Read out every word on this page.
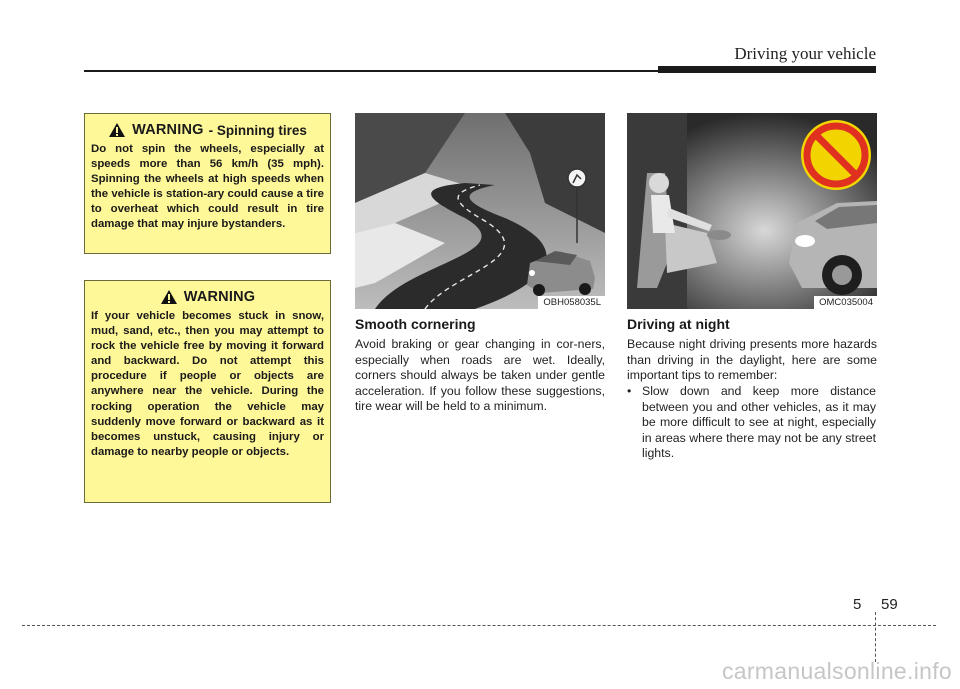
Driving your vehicle
WARNING - Spinning tires

Do not spin the wheels, especially at speeds more than 56 km/h (35 mph). Spinning the wheels at high speeds when the vehicle is station-ary could cause a tire to overheat which could result in tire damage that may injure bystanders.

WARNING

If your vehicle becomes stuck in snow, mud, sand, etc., then you may attempt to rock the vehicle free by moving it forward and backward. Do not attempt this procedure if people or objects are anywhere near the vehicle. During the rocking operation the vehicle may suddenly move forward or backward as it becomes unstuck, causing injury or damage to nearby people or objects.

OBH058035L	OMC035004
Smooth cornering

Avoid braking or gear changing in cor-ners, especially when roads are wet. Ideally, corners should always be taken under gentle acceleration. If you follow these suggestions, tire wear will be held to a minimum.

Driving at night

Because night driving presents more hazards than driving in the daylight, here are some important tips to remember:

• Slow down and keep more distance between you and other vehicles, as it may be more difficult to see at night, especially in areas where there may not be any street lights.
5 59
carmanualsonline.info
